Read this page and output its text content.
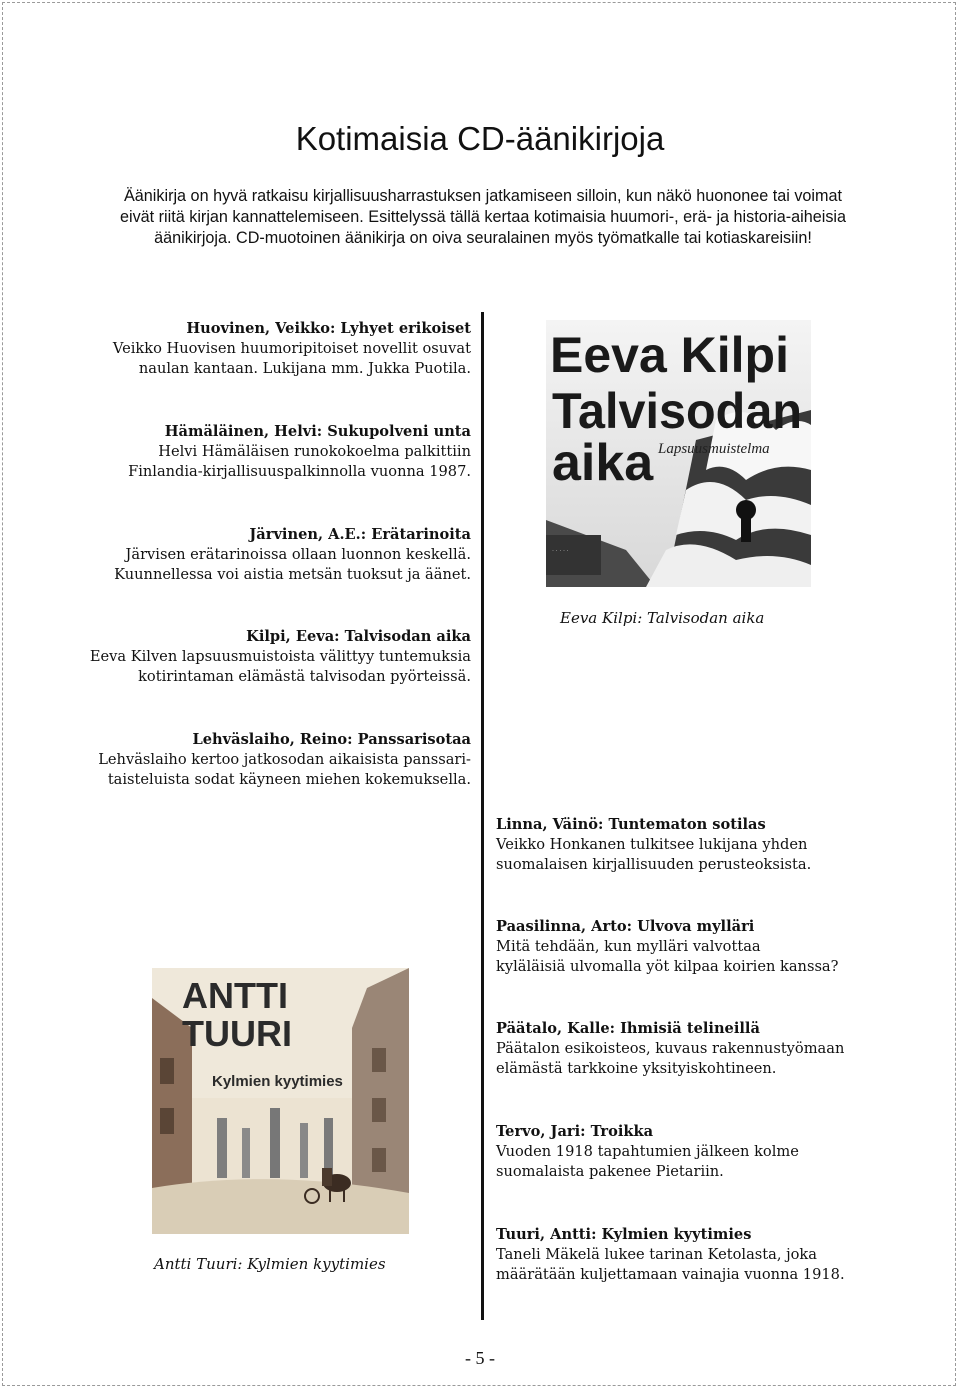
Kotimaisia CD-äänikirjoja

Äänikirja on hyvä ratkaisu kirjallisuusharrastuksen jatkamiseen silloin, kun näkö huononee tai voimat
eivät riitä kirjan kannattelemiseen. Esittelyssä tällä kertaa kotimaisia huumori-, erä- ja historia-aiheisia
äänikirjoja. CD-muotoinen äänikirja on oiva seuralainen myös työmatkalle tai kotiaskareisiin!

Huovinen, Veikko: Lyhyet erikoiset
Veikko Huovisen huumoripitoiset novellit osuvat
naulan kantaan. Lukijana mm. Jukka Puotila.
Hämäläinen, Helvi: Sukupolveni unta
Helvi Hämäläisen runokokoelma palkittiin
Finlandia-kirjallisuuspalkinnolla vuonna 1987.
Järvinen, A.E.: Erätarinoita
Järvisen erätarinoissa ollaan luonnon keskellä.
Kuunnellessa voi aistia metsän tuoksut ja äänet.
Kilpi, Eeva: Talvisodan aika
Eeva Kilven lapsuusmuistoista välittyy tuntemuksia
kotirintaman elämästä talvisodan pyörteissä.
Lehväslaiho, Reino: Panssarisotaa
Lehväslaiho kertoo jatkosodan aikaisista panssari-
taisteluista sodat käyneen miehen kokemuksella.
Linna, Väinö: Tuntematon sotilas
Veikko Honkanen tulkitsee lukijana yhden
suomalaisen kirjallisuuden perusteoksista.
Paasilinna, Arto: Ulvova mylläri
Mitä tehdään, kun mylläri valvottaa
kyläläisiä ulvomalla yöt kilpaa koirien kanssa?
Päätalo, Kalle: Ihmisiä telineillä
Päätalon esikoisteos, kuvaus rakennustyömaan
elämästä tarkkoine yksityiskohtineen.
Tervo, Jari: Troikka
Vuoden 1918 tapahtumien jälkeen kolme
suomalaista pakenee Pietariin.
Tuuri, Antti: Kylmien kyytimies
Taneli Mäkelä lukee tarinan Ketolasta, joka
määrätään kuljettamaan vainajia vuonna 1918.
· · · · ·
Eeva Kilpi
Talvisodan
aika Lapsuusmuistelma
Eeva Kilpi: Talvisodan aika
ANTTI
TUURI
Kylmien kyytimies
Antti Tuuri: Kylmien kyytimies
- 5 -
